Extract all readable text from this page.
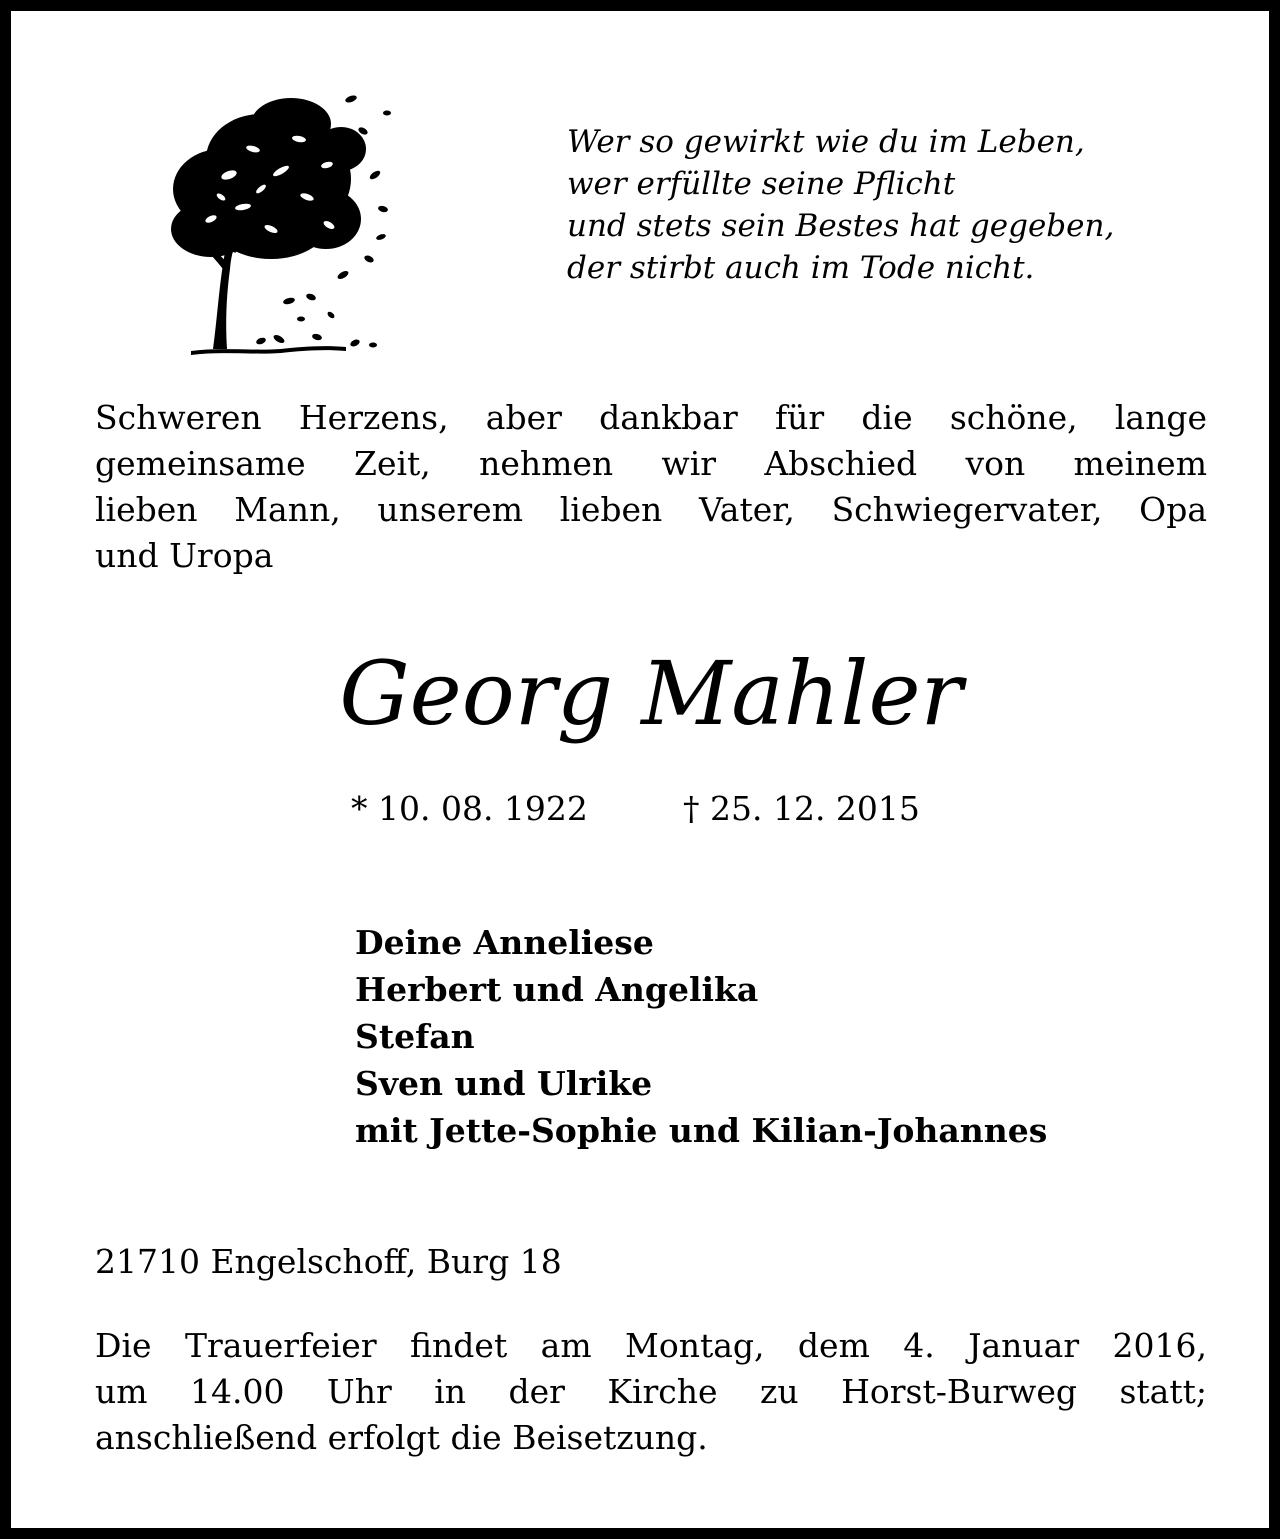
Wer so gewirkt wie du im Leben,
wer erfüllte seine Pflicht
und stets sein Bestes hat gegeben,
der stirbt auch im Tode nicht.
Schweren Herzens, aber dankbar für die schöne, lange
gemeinsame Zeit, nehmen wir Abschied von meinem
lieben Mann, unserem lieben Vater, Schwiegervater, Opa
und Uropa
Georg Mahler
* 10. 08. 1922	† 25. 12. 2015
Deine Anneliese
Herbert und Angelika
Stefan
Sven und Ulrike
mit Jette-Sophie und Kilian-Johannes
21710 Engelschoff, Burg 18
Die Trauerfeier findet am Montag, dem 4. Januar 2016,
um 14.00 Uhr in der Kirche zu Horst-Burweg statt;
anschließend erfolgt die Beisetzung.
